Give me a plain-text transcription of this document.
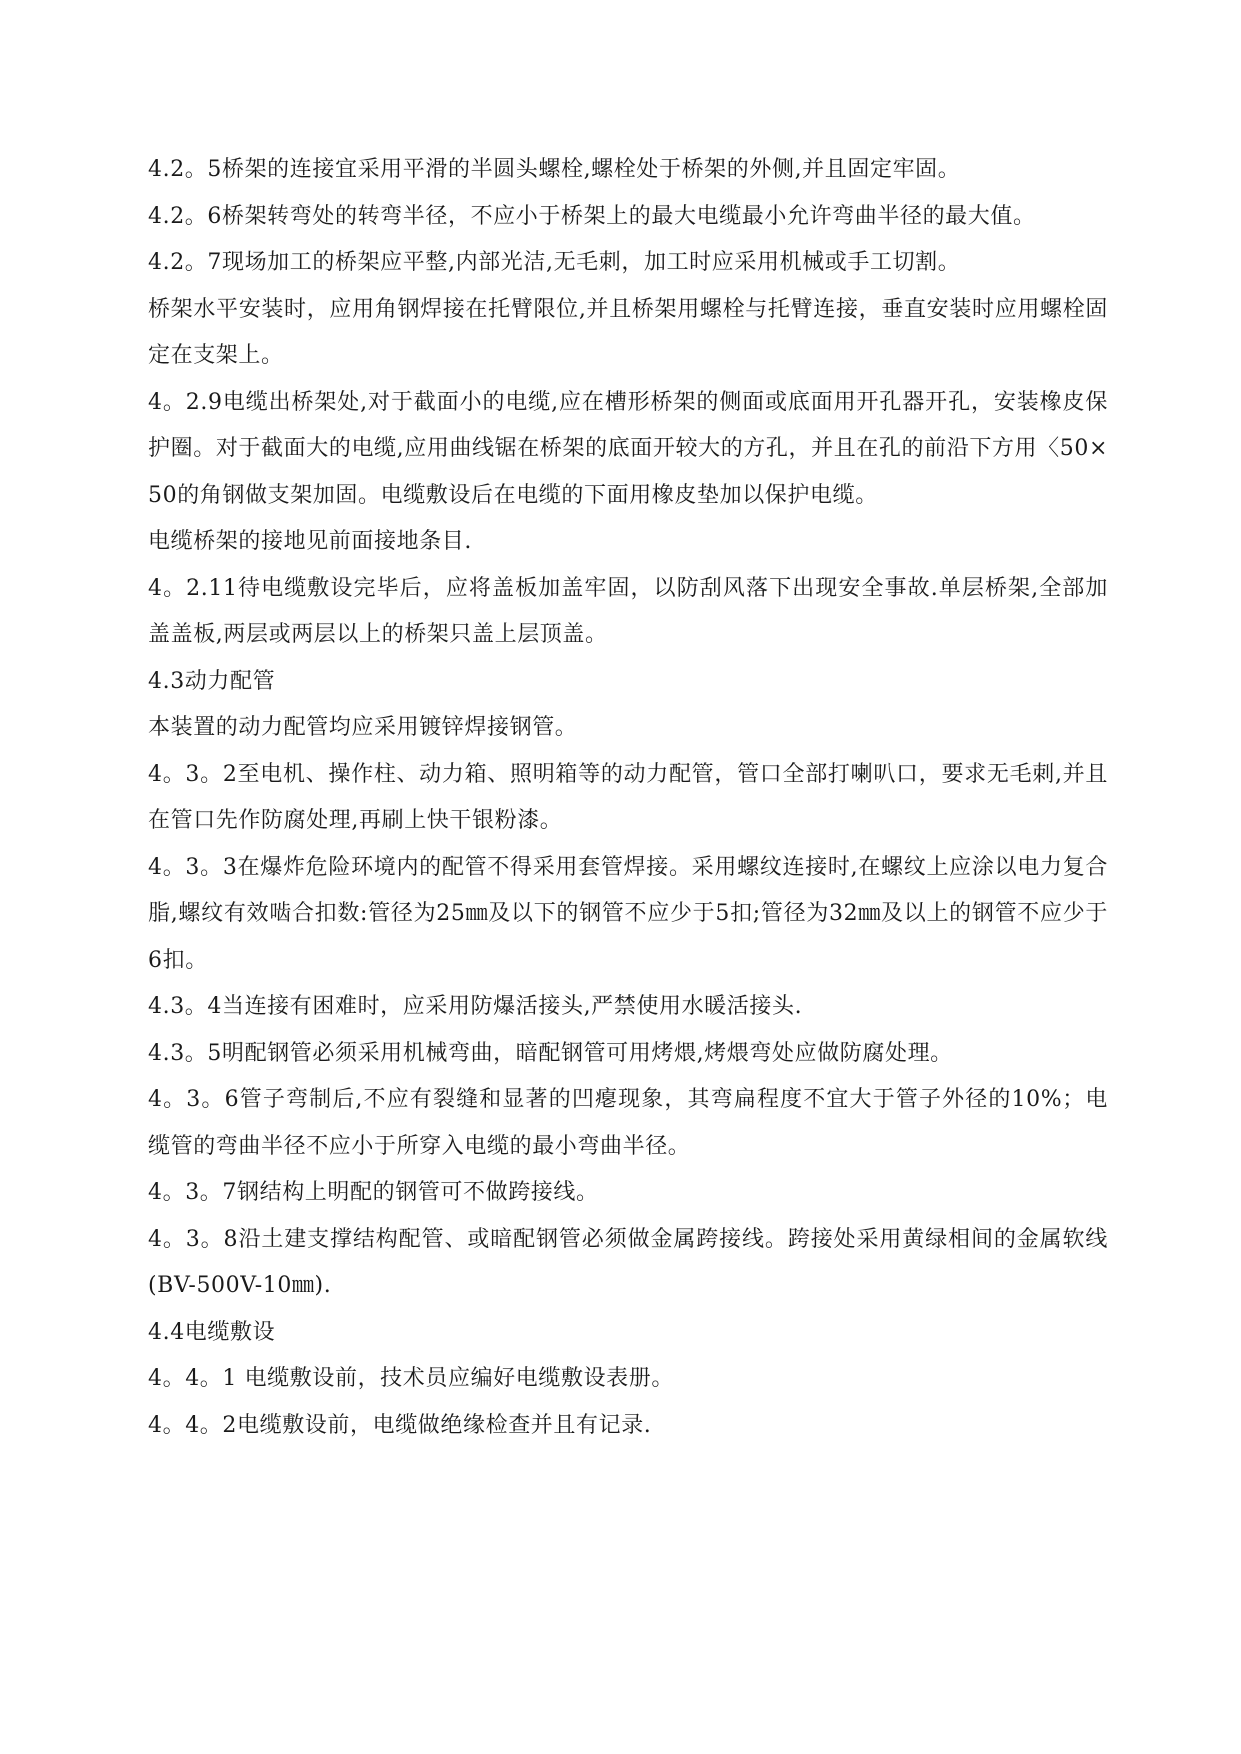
4.2。5桥架的连接宜采用平滑的半圆头螺栓,螺栓处于桥架的外侧,并且固定牢固。

4.2。6桥架转弯处的转弯半径，不应小于桥架上的最大电缆最小允许弯曲半径的最大值。

4.2。7现场加工的桥架应平整,内部光洁,无毛刺，加工时应采用机械或手工切割。

桥架水平安装时，应用角钢焊接在托臂限位,并且桥架用螺栓与托臂连接，垂直安装时应用螺栓固定在支架上。

4。2.9电缆出桥架处,对于截面小的电缆,应在槽形桥架的侧面或底面用开孔器开孔，安装橡皮保护圈。对于截面大的电缆,应用曲线锯在桥架的底面开较大的方孔，并且在孔的前沿下方用〈50×50的角钢做支架加固。电缆敷设后在电缆的下面用橡皮垫加以保护电缆。

电缆桥架的接地见前面接地条目.

4。2.11待电缆敷设完毕后，应将盖板加盖牢固，以防刮风落下出现安全事故.单层桥架,全部加盖盖板,两层或两层以上的桥架只盖上层顶盖。

4.3动力配管

本装置的动力配管均应采用镀锌焊接钢管。

4。3。2至电机、操作柱、动力箱、照明箱等的动力配管，管口全部打喇叭口，要求无毛刺,并且在管口先作防腐处理,再刷上快干银粉漆。

4。3。3在爆炸危险环境内的配管不得采用套管焊接。采用螺纹连接时,在螺纹上应涂以电力复合脂,螺纹有效啮合扣数:管径为25㎜及以下的钢管不应少于5扣;管径为32㎜及以上的钢管不应少于6扣。

4.3。4当连接有困难时，应采用防爆活接头,严禁使用水暖活接头.

4.3。5明配钢管必须采用机械弯曲，暗配钢管可用烤煨,烤煨弯处应做防腐处理。

4。3。6管子弯制后,不应有裂缝和显著的凹瘪现象，其弯扁程度不宜大于管子外径的10%；电缆管的弯曲半径不应小于所穿入电缆的最小弯曲半径。

4。3。7钢结构上明配的钢管可不做跨接线。

4。3。8沿土建支撑结构配管、或暗配钢管必须做金属跨接线。跨接处采用黄绿相间的金属软线(BV-500V-10㎜).

4.4电缆敷设

4。4。1 电缆敷设前，技术员应编好电缆敷设表册。

4。4。2电缆敷设前，电缆做绝缘检查并且有记录.
